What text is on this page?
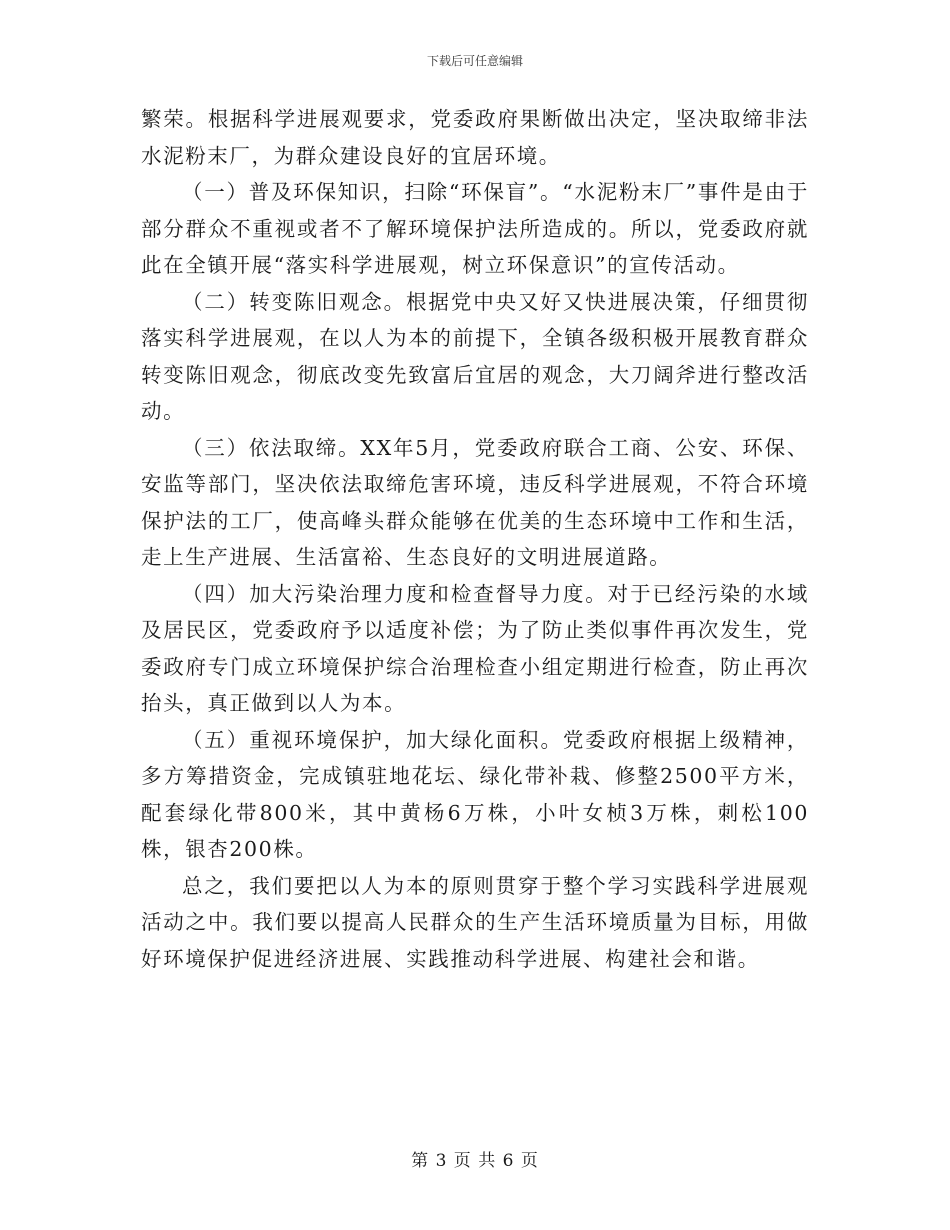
下载后可任意编辑

繁荣。根据科学进展观要求，党委政府果断做出决定，坚决取缔非法水泥粉末厂，为群众建设良好的宜居环境。

（一）普及环保知识，扫除“环保盲”。“水泥粉末厂”事件是由于部分群众不重视或者不了解环境保护法所造成的。所以，党委政府就此在全镇开展“落实科学进展观，树立环保意识”的宣传活动。

（二）转变陈旧观念。根据党中央又好又快进展决策，仔细贯彻落实科学进展观，在以人为本的前提下，全镇各级积极开展教育群众转变陈旧观念，彻底改变先致富后宜居的观念，大刀阔斧进行整改活动。

（三）依法取缔。XX年5月，党委政府联合工商、公安、环保、安监等部门，坚决依法取缔危害环境，违反科学进展观，不符合环境保护法的工厂，使高峰头群众能够在优美的生态环境中工作和生活，走上生产进展、生活富裕、生态良好的文明进展道路。

（四）加大污染治理力度和检查督导力度。对于已经污染的水域及居民区，党委政府予以适度补偿；为了防止类似事件再次发生，党委政府专门成立环境保护综合治理检查小组定期进行检查，防止再次抬头，真正做到以人为本。

（五）重视环境保护，加大绿化面积。党委政府根据上级精神，多方筹措资金，完成镇驻地花坛、绿化带补栽、修整2500平方米，配套绿化带800米，其中黄杨6万株，小叶女桢3万株，刺松100株，银杏200株。

总之，我们要把以人为本的原则贯穿于整个学习实践科学进展观活动之中。我们要以提高人民群众的生产生活环境质量为目标，用做好环境保护促进经济进展、实践推动科学进展、构建社会和谐。

第 3 页 共 6 页
